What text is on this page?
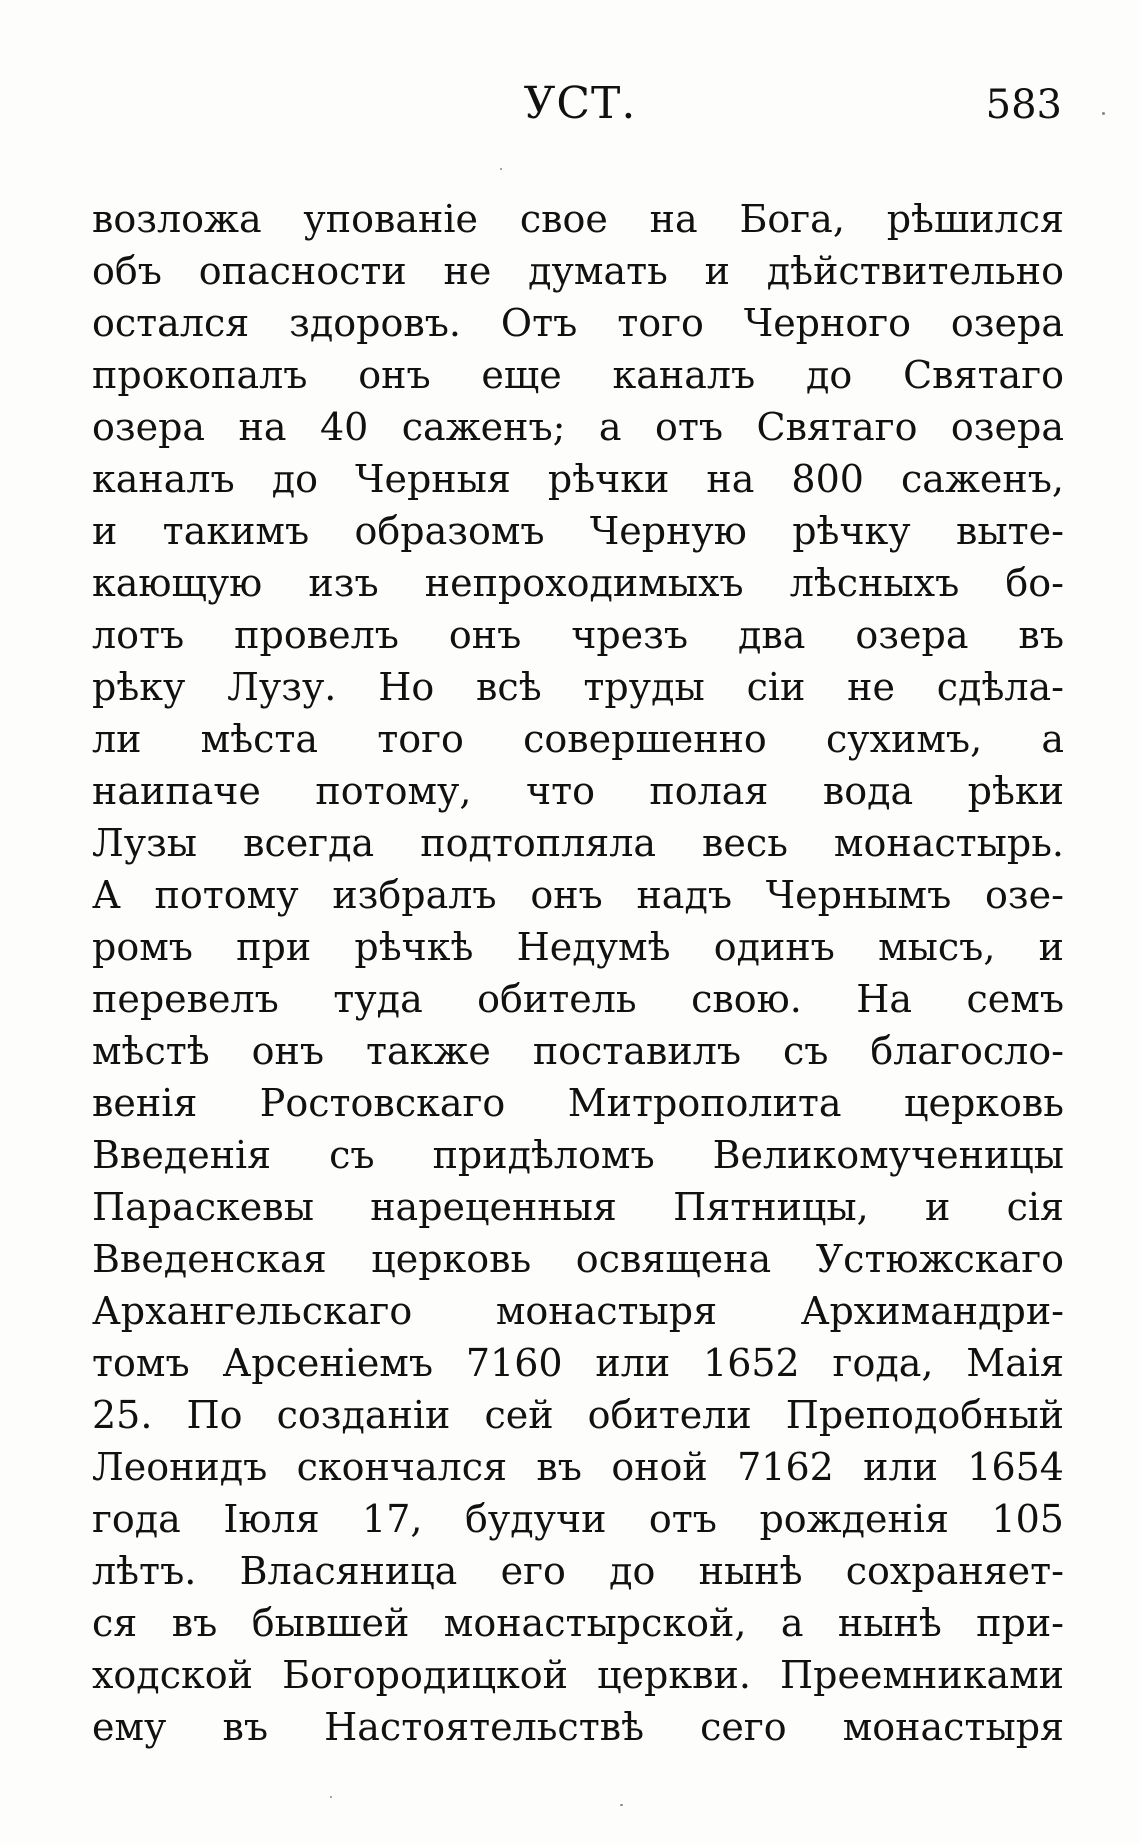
УСТ.	583
возложа упованіе свое на Бога, рѣшился
объ опасности не думать и дѣйствительно
остался здоровъ. Отъ того Черного озера
прокопалъ онъ еще каналъ до Святаго
озера на 40 саженъ; а отъ Святаго озера
каналъ до Черныя рѣчки на 800 саженъ,
и такимъ образомъ Черную рѣчку выте-
кающую изъ непроходимыхъ лѣсныхъ бо-
лотъ провелъ онъ чрезъ два озера въ
рѣку Лузу. Но всѣ труды сіи не сдѣла-
ли мѣста того совершенно сухимъ, а
наипаче потому, что полая вода рѣки
Лузы всегда подтопляла весь монастырь.
А потому избралъ онъ надъ Чернымъ озе-
ромъ при рѣчкѣ Недумѣ одинъ мысъ, и
перевелъ туда обитель свою. На семъ
мѣстѣ онъ также поставилъ съ благосло-
венія Ростовскаго Митрополита церковь
Введенія съ придѣломъ Великомученицы
Параскевы нареценныя Пятницы, и сія
Введенская церковь освящена Устюжскаго
Архангельскаго монастыря Архимандри-
томъ Арсеніемъ 7160 или 1652 года, Маія
25. По созданіи сей обители Преподобный
Леонидъ скончался въ оной 7162 или 1654
года Іюля 17, будучи отъ рожденія 105
лѣтъ. Власяница его до нынѣ сохраняет-
ся въ бывшей монастырской, а нынѣ при-
ходской Богородицкой церкви. Преемниками
ему въ Настоятельствѣ сего монастыря
